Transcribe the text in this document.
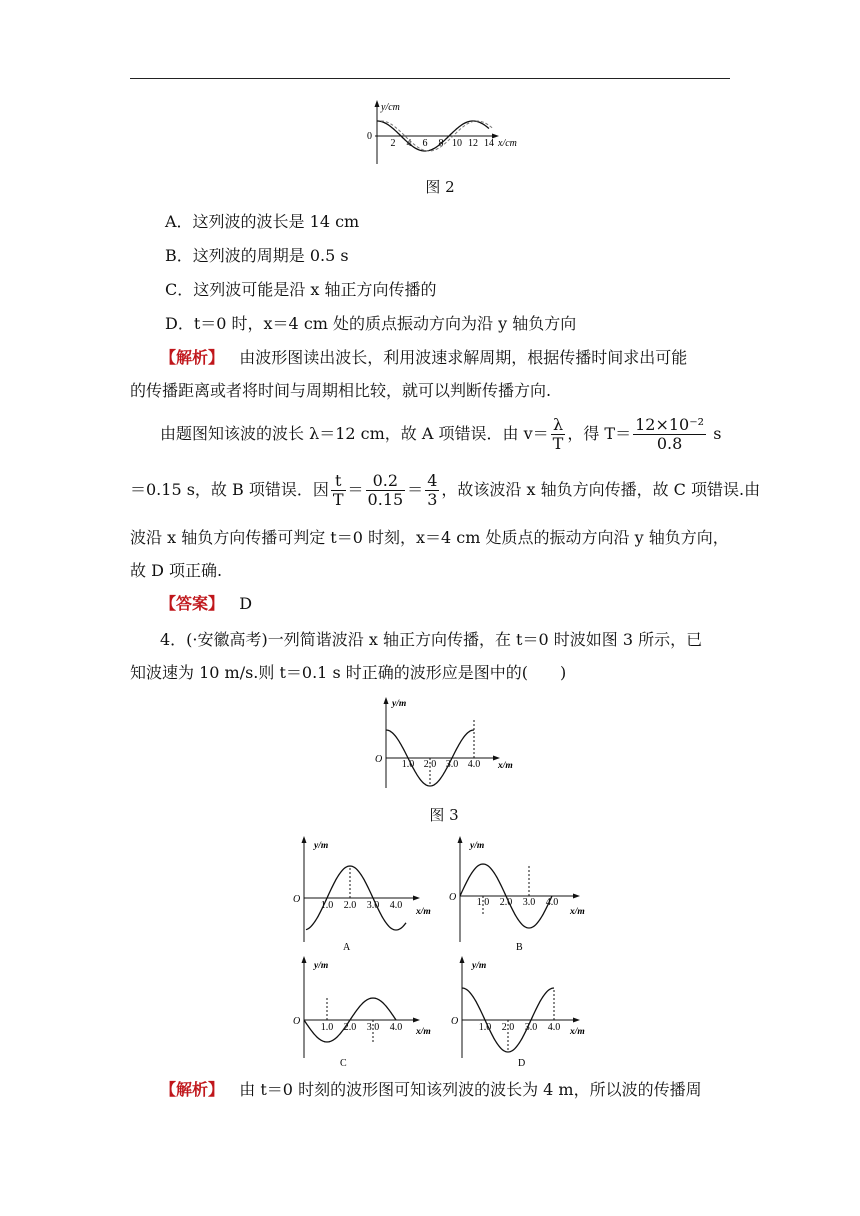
y/cm
0
x/cm
2 4 6 8 10 12 14
图 2
A．这列波的波长是 14 cm
B．这列波的周期是 0.5 s
C．这列波可能是沿 x 轴正方向传播的
D．t＝0 时，x＝4 cm 处的质点振动方向为沿 y 轴负方向
【解析】 由波形图读出波长，利用波速求解周期，根据传播时间求出可能
的传播距离或者将时间与周期相比较，就可以判断传播方向.
由题图知该波的波长 λ＝12 cm，故 A 项错误．由 $v= \frac{\lambda}{T}$ ，得 $T= \frac{\text{12×10⁻²}}{0.8}$ s
＝0.15 s，故 B 项错误．因 $\frac{t}{T} = \frac{0.2}{0.15} = \frac{4}{3}$ ，故该波沿 x 轴负方向传播，故 C 项错误.由
波沿 x 轴负方向传播可判定 t＝0 时刻，x＝4 cm 处质点的振动方向沿 y 轴负方向，
故 D 项正确.
【答案】 D
4．(·安徽高考)一列简谐波沿 x 轴正方向传播，在 t＝0 时波如图 3 所示，已
知波速为 10 m/s.则 t＝0.1 s 时正确的波形应是图中的(　　)
y/m
O
x/m
1.0 2.0 3.0 4.0
图 3
y/m
O
x/m
1.0 2.0 3.0 4.0
A
y/m
O
x/m
1.0 2.0 3.0 4.0
B
y/m
O
x/m
1.0 2.0 3.0 4.0
C
y/m
O
x/m
1.0 2.0 3.0 4.0
D
【解析】 由 t＝0 时刻的波形图可知该列波的波长为 4 m，所以波的传播周
